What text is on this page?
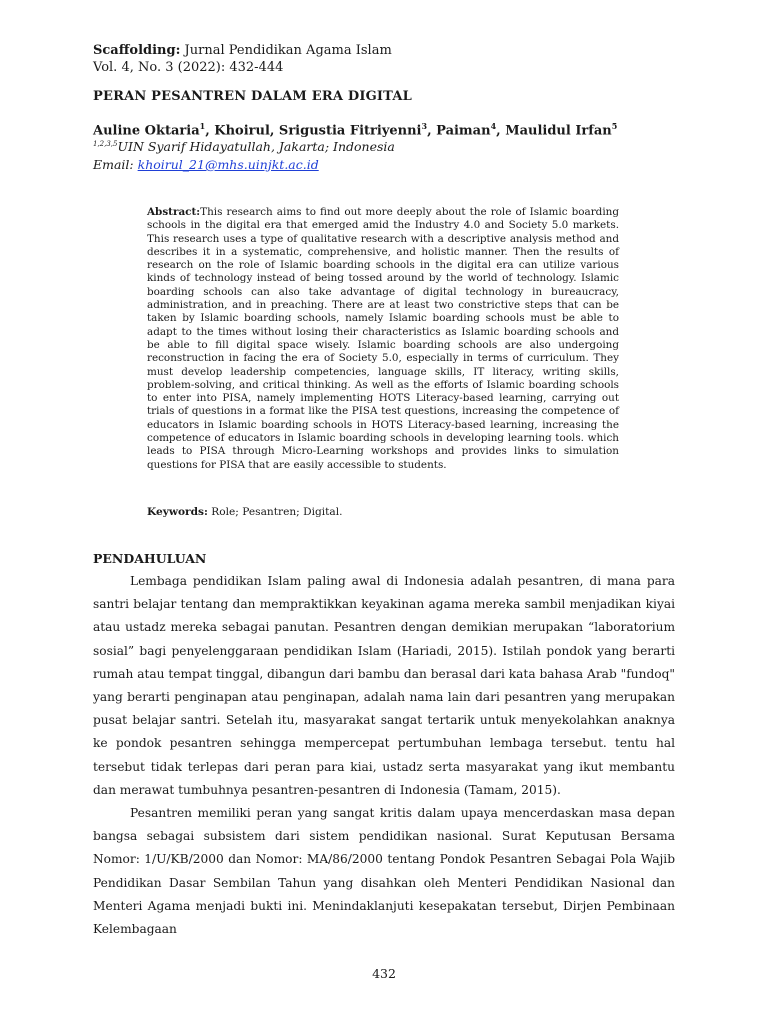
Scaffolding: Jurnal Pendidikan Agama Islam
Vol. 4, No. 3 (2022): 432-444
PERAN PESANTREN DALAM ERA DIGITAL
Auline Oktaria$^1$, Khoirul, Srigustia Fitriyenni$^3$, Paiman$^4$, Maulidul Irfan$^5$
$^{1,2,3,5}$UIN Syarif Hidayatullah, Jakarta; Indonesia
Email: khoirul_21@mhs.uinjkt.ac.id
Abstract:This research aims to find out more deeply about the role of Islamic boarding schools in the digital era that emerged amid the Industry 4.0 and Society 5.0 markets. This research uses a type of qualitative research with a descriptive analysis method and describes it in a systematic, comprehensive, and holistic manner. Then the results of research on the role of Islamic boarding schools in the digital era can utilize various kinds of technology instead of being tossed around by the world of technology. Islamic boarding schools can also take advantage of digital technology in bureaucracy, administration, and in preaching. There are at least two constrictive steps that can be taken by Islamic boarding schools, namely Islamic boarding schools must be able to adapt to the times without losing their characteristics as Islamic boarding schools and be able to fill digital space wisely. Islamic boarding schools are also undergoing reconstruction in facing the era of Society 5.0, especially in terms of curriculum. They must develop leadership competencies, language skills, IT literacy, writing skills, problem-solving, and critical thinking. As well as the efforts of Islamic boarding schools to enter into PISA, namely implementing HOTS Literacy-based learning, carrying out trials of questions in a format like the PISA test questions, increasing the competence of educators in Islamic boarding schools in HOTS Literacy-based learning, increasing the competence of educators in Islamic boarding schools in developing learning tools. which leads to PISA through Micro-Learning workshops and provides links to simulation questions for PISA that are easily accessible to students.
Keywords: Role; Pesantren; Digital.
PENDAHULUAN

Lembaga pendidikan Islam paling awal di Indonesia adalah pesantren, di mana para santri belajar tentang dan mempraktikkan keyakinan agama mereka sambil menjadikan kiyai atau ustadz mereka sebagai panutan. Pesantren dengan demikian merupakan “laboratorium sosial” bagi penyelenggaraan pendidikan Islam (Hariadi, 2015). Istilah pondok yang berarti rumah atau tempat tinggal, dibangun dari bambu dan berasal dari kata bahasa Arab "fundoq" yang berarti penginapan atau penginapan, adalah nama lain dari pesantren yang merupakan pusat belajar santri. Setelah itu, masyarakat sangat tertarik untuk menyekolahkan anaknya ke pondok pesantren sehingga mempercepat pertumbuhan lembaga tersebut. tentu hal tersebut tidak terlepas dari peran para kiai, ustadz serta masyarakat yang ikut membantu dan merawat tumbuhnya pesantren-pesantren di Indonesia (Tamam, 2015).

Pesantren memiliki peran yang sangat kritis dalam upaya mencerdaskan masa depan bangsa sebagai subsistem dari sistem pendidikan nasional. Surat Keputusan Bersama Nomor: 1/U/KB/2000 dan Nomor: MA/86/2000 tentang Pondok Pesantren Sebagai Pola Wajib Pendidikan Dasar Sembilan Tahun yang disahkan oleh Menteri Pendidikan Nasional dan Menteri Agama menjadi bukti ini. Menindaklanjuti kesepakatan tersebut, Dirjen Pembinaan Kelembagaan

432
